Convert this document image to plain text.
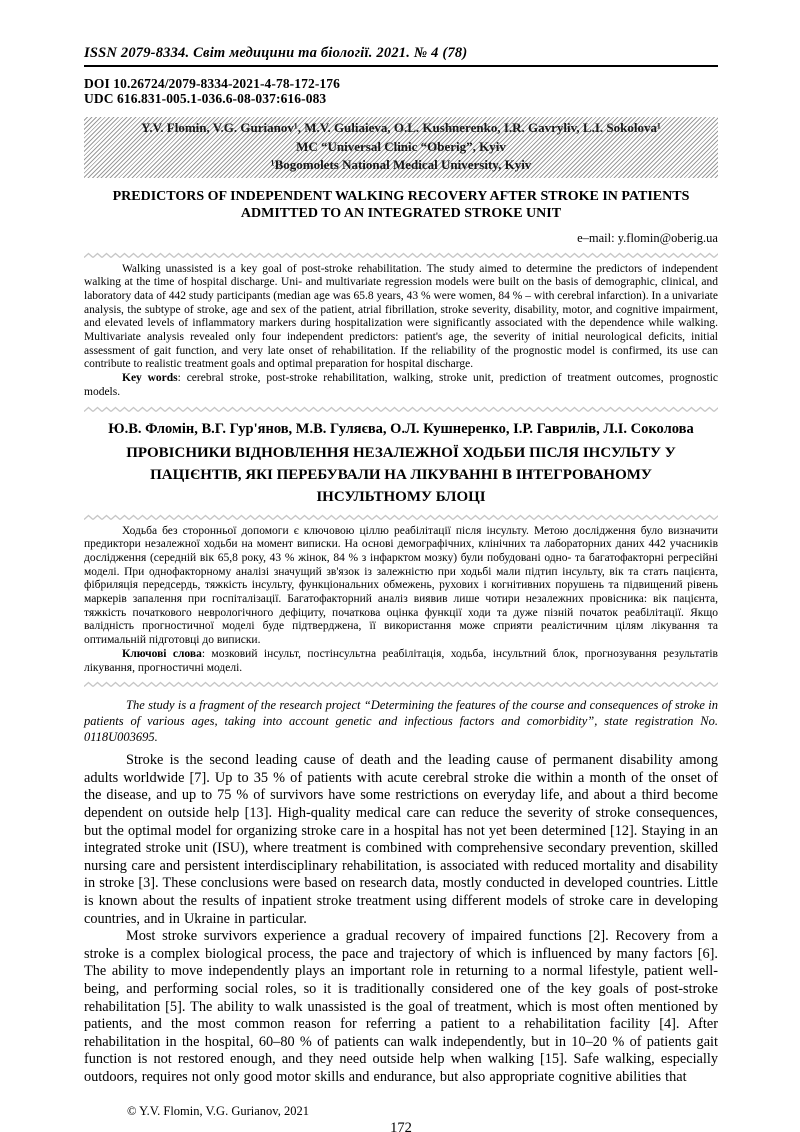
ISSN 2079-8334. Світ медицини та біології. 2021. № 4 (78)
DOI 10.26724/2079-8334-2021-4-78-172-176
UDC 616.831-005.1-036.6-08-037:616-083
Y.V. Flomin, V.G. Gurianov¹, M.V. Guliaieva, O.L. Kushnerenko, I.R. Gavryliv, L.I. Sokolova¹
MC “Universal Clinic “Oberig”, Kyiv
¹Bogomolets National Medical University, Kyiv
PREDICTORS OF INDEPENDENT WALKING RECOVERY AFTER STROKE IN PATIENTS ADMITTED TO AN INTEGRATED STROKE UNIT
e–mail: y.flomin@oberig.ua

Walking unassisted is a key goal of post-stroke rehabilitation. The study aimed to determine the predictors of independent walking at the time of hospital discharge. Uni- and multivariate regression models were built on the basis of demographic, clinical, and laboratory data of 442 study participants (median age was 65.8 years, 43 % were women, 84 % – with cerebral infarction). In a univariate analysis, the subtype of stroke, age and sex of the patient, atrial fibrillation, stroke severity, disability, motor, and cognitive impairment, and elevated levels of inflammatory markers during hospitalization were significantly associated with the dependence while walking. Multivariate analysis revealed only four independent predictors: patient's age, the severity of initial neurological deficits, initial assessment of gait function, and very late onset of rehabilitation. If the reliability of the prognostic model is confirmed, its use can contribute to realistic treatment goals and optimal preparation for hospital discharge.

Key words: cerebral stroke, post-stroke rehabilitation, walking, stroke unit, prediction of treatment outcomes, prognostic models.

Ю.В. Фломін, В.Г. Гур'янов, М.В. Гуляєва, О.Л. Кушнеренко, І.Р. Гаврилів, Л.І. Соколова
ПРОВІСНИКИ ВІДНОВЛЕННЯ НЕЗАЛЕЖНОЇ ХОДЬБИ ПІСЛЯ ІНСУЛЬТУ У ПАЦІЄНТІВ, ЯКІ ПЕРЕБУВАЛИ НА ЛІКУВАННІ В ІНТЕГРОВАНОМУ ІНСУЛЬТНОМУ БЛОЦІ

Ходьба без сторонньої допомоги є ключовою ціллю реабілітації після інсульту. Метою дослідження було визначити предиктори незалежної ходьби на момент виписки. На основі демографічних, клінічних та лабораторних даних 442 учасників дослідження (середній вік 65,8 року, 43 % жінок, 84 % з інфарктом мозку) були побудовані одно- та багатофакторні регресійні моделі. При однофакторному аналізі значущий зв'язок із залежністю при ходьбі мали підтип інсульту, вік та стать пацієнта, фібриляція передсердь, тяжкість інсульту, функціональних обмежень, рухових і когнітивних порушень та підвищений рівень маркерів запалення при госпіталізації. Багатофакторний аналіз виявив лише чотири незалежних провісника: вік пацієнта, тяжкість початкового неврологічного дефіциту, початкова оцінка функції ходи та дуже пізній початок реабілітації. Якщо валідність прогностичної моделі буде підтверджена, її використання може сприяти реалістичним цілям лікування та оптимальній підготовці до виписки.

Ключові слова: мозковий інсульт, постінсультна реабілітація, ходьба, інсультний блок, прогнозування результатів лікування, прогностичні моделі.

The study is a fragment of the research project “Determining the features of the course and consequences of stroke in patients of various ages, taking into account genetic and infectious factors and comorbidity”, state registration No. 0118U003695.

Stroke is the second leading cause of death and the leading cause of permanent disability among adults worldwide [7]. Up to 35 % of patients with acute cerebral stroke die within a month of the onset of the disease, and up to 75 % of survivors have some restrictions on everyday life, and about a third become dependent on outside help [13]. High-quality medical care can reduce the severity of stroke consequences, but the optimal model for organizing stroke care in a hospital has not yet been determined [12]. Staying in an integrated stroke unit (ISU), where treatment is combined with comprehensive secondary prevention, skilled nursing care and persistent interdisciplinary rehabilitation, is associated with reduced mortality and disability in stroke [3]. These conclusions were based on research data, mostly conducted in developed countries. Little is known about the results of inpatient stroke treatment using different models of stroke care in developing countries, and in Ukraine in particular.

Most stroke survivors experience a gradual recovery of impaired functions [2]. Recovery from a stroke is a complex biological process, the pace and trajectory of which is influenced by many factors [6]. The ability to move independently plays an important role in returning to a normal lifestyle, patient well-being, and performing social roles, so it is traditionally considered one of the key goals of post-stroke rehabilitation [5]. The ability to walk unassisted is the goal of treatment, which is most often mentioned by patients, and the most common reason for referring a patient to a rehabilitation facility [4]. After rehabilitation in the hospital, 60–80 % of patients can walk independently, but in 10–20 % of patients gait function is not restored enough, and they need outside help when walking [15]. Safe walking, especially outdoors, requires not only good motor skills and endurance, but also appropriate cognitive abilities that

© Y.V. Flomin, V.G. Gurianov, 2021
172
